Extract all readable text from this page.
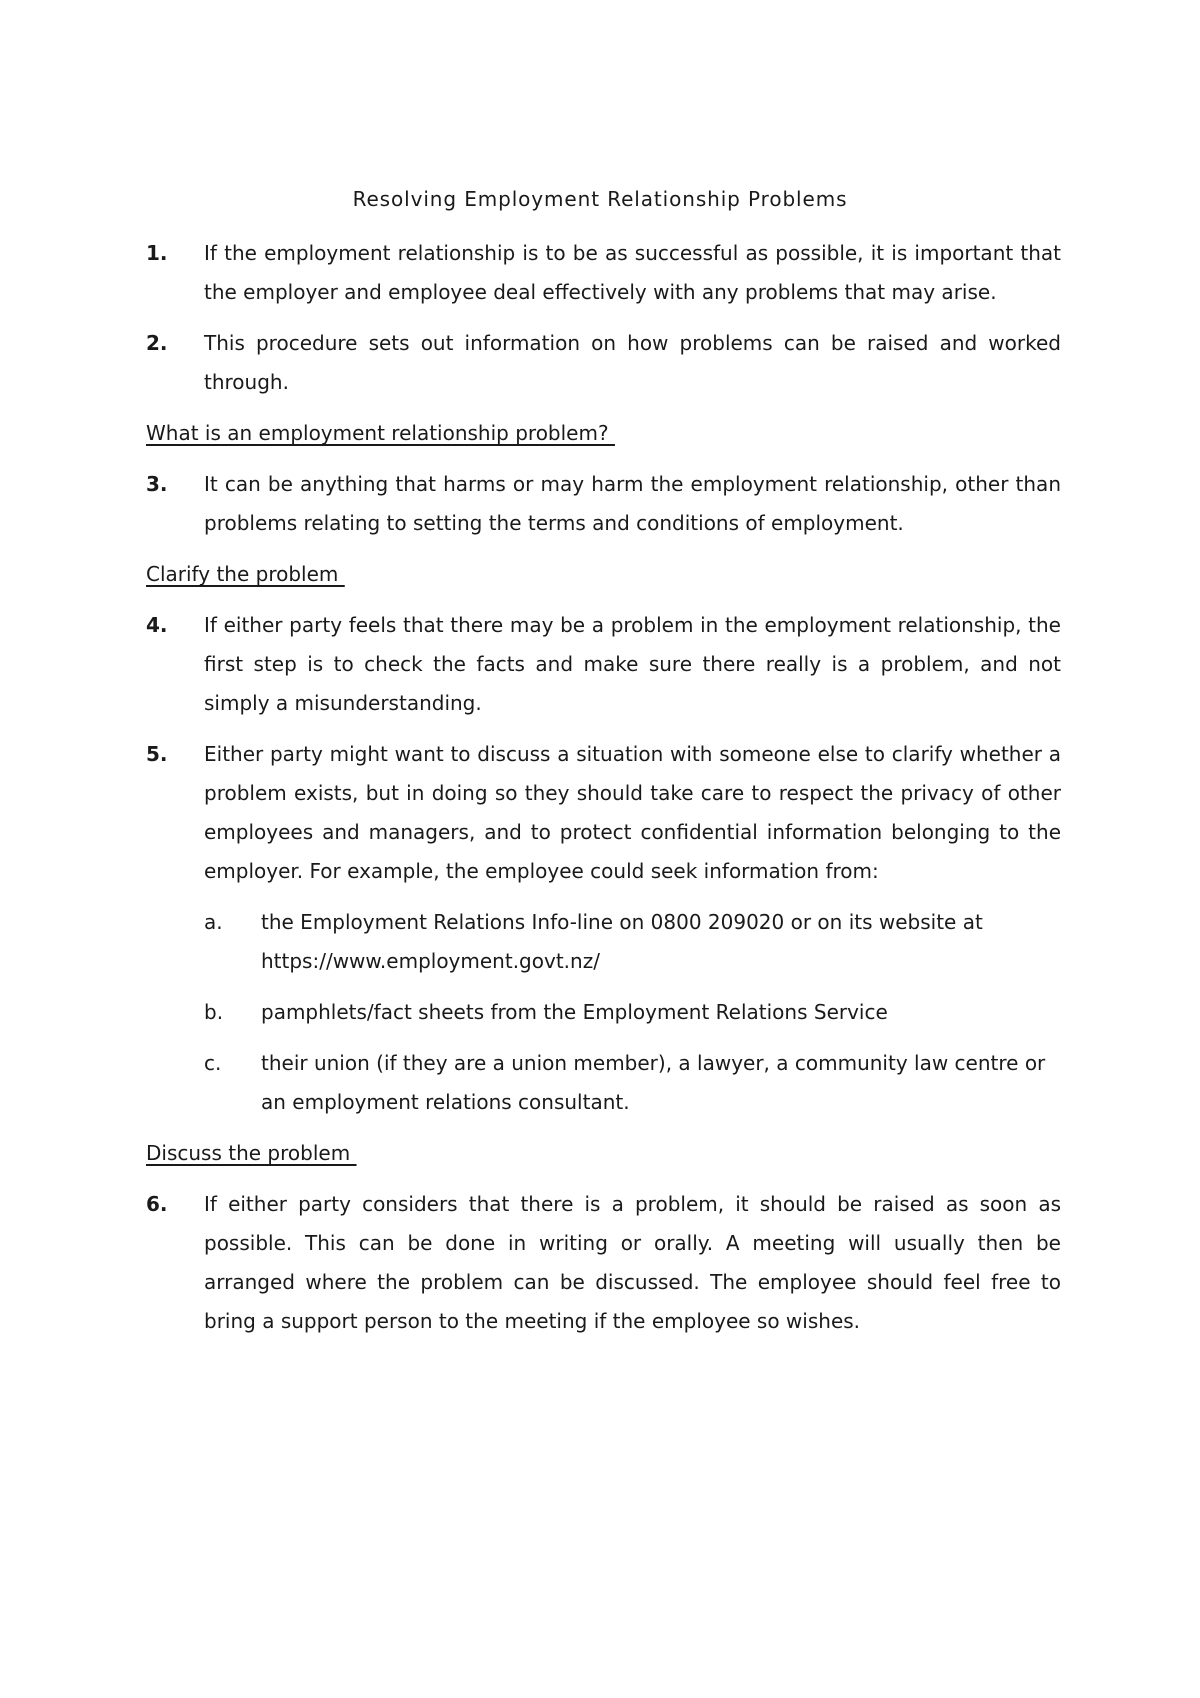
Resolving Employment Relationship Problems
1. If the employment relationship is to be as successful as possible, it is important that the employer and employee deal effectively with any problems that may arise.
2. This procedure sets out information on how problems can be raised and worked through.
What is an employment relationship problem?
3. It can be anything that harms or may harm the employment relationship, other than problems relating to setting the terms and conditions of employment.
Clarify the problem
4. If either party feels that there may be a problem in the employment relationship, the first step is to check the facts and make sure there really is a problem, and not simply a misunderstanding.
5. Either party might want to discuss a situation with someone else to clarify whether a problem exists, but in doing so they should take care to respect the privacy of other employees and managers, and to protect confidential information belonging to the employer. For example, the employee could seek information from:
a. the Employment Relations Info-line on 0800 209020 or on its website at https://www.employment.govt.nz/
b. pamphlets/fact sheets from the Employment Relations Service
c. their union (if they are a union member), a lawyer, a community law centre or an employment relations consultant.
Discuss the problem
6. If either party considers that there is a problem, it should be raised as soon as possible. This can be done in writing or orally. A meeting will usually then be arranged where the problem can be discussed. The employee should feel free to bring a support person to the meeting if the employee so wishes.
